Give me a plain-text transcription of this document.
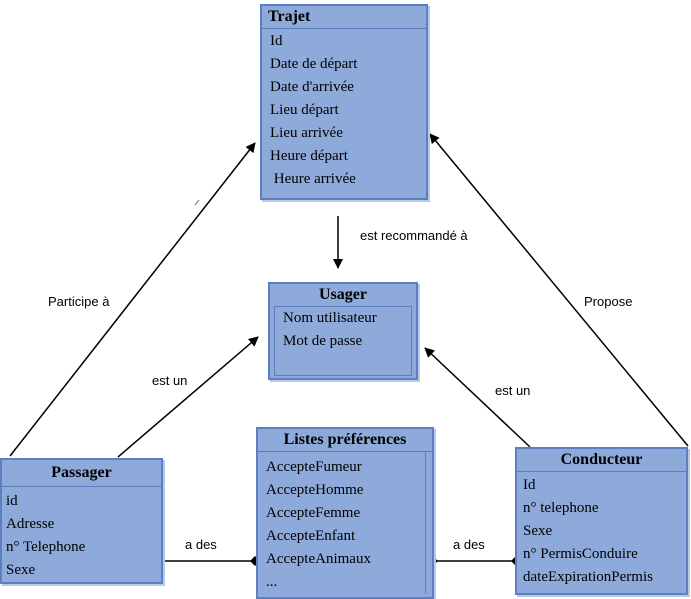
Trajet
Id
Date de départ
Date d'arrivée
Lieu départ
Lieu arrivée
Heure départ
Heure arrivée
Usager
Nom utilisateur
Mot de passe
Listes préférences
AccepteFumeur
AccepteHomme
AccepteFemme
AccepteEnfant
AccepteAnimaux
...
Passager
id
Adresse
n° Telephone
Sexe
Conducteur
Id
n° telephone
Sexe
n° PermisConduire
dateExpirationPermis
est recommandé à
Participe à	Propose
est un
est un
a des	a des
